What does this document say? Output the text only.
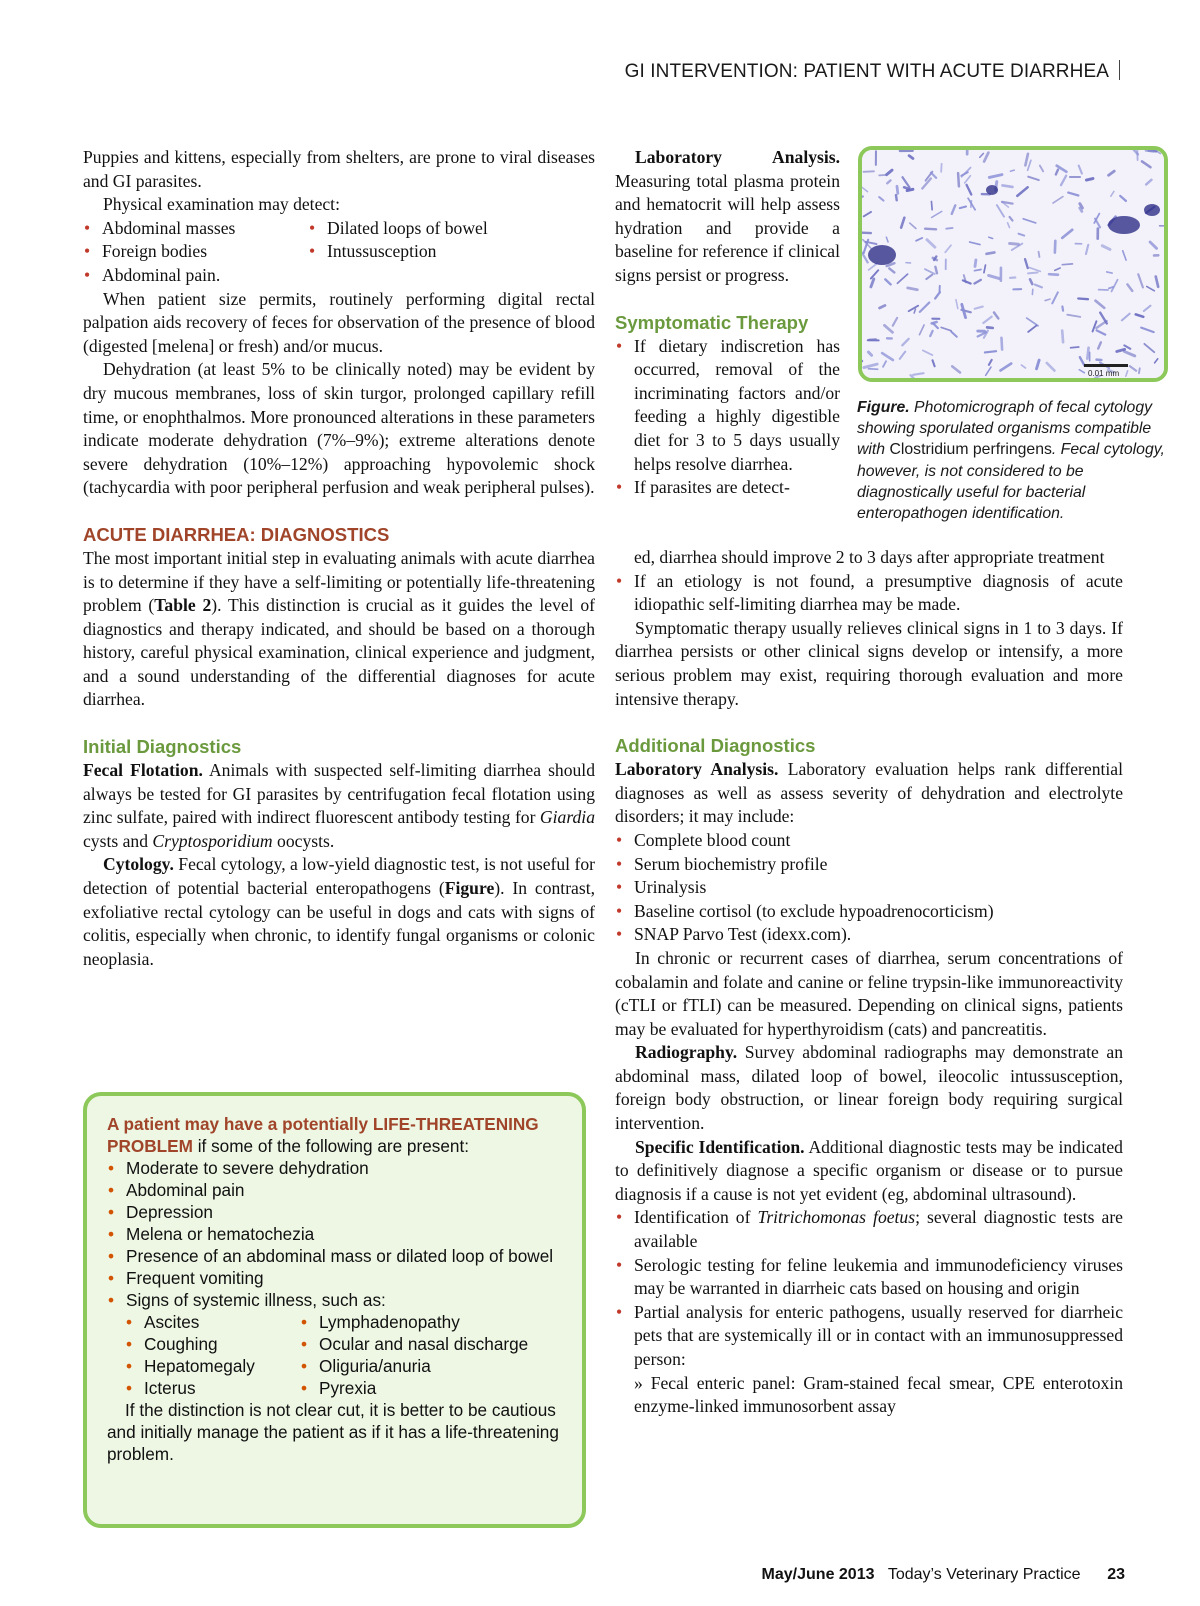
GI INTERVENTION: PATIENT WITH ACUTE DIARRHEA

Puppies and kittens, especially from shelters, are prone to viral diseases and GI parasites.

Physical examination may detect:

• Abdominal masses	• Dilated loops of bowel
• Foreign bodies	• Intussusception
• Abdominal pain.

When patient size permits, routinely performing digital rectal palpation aids recovery of feces for observation of the presence of blood (digested [melena] or fresh) and/or mucus.

Dehydration (at least 5% to be clinically noted) may be evident by dry mucous membranes, loss of skin turgor, prolonged capillary refill time, or enophthalmos. More pronounced alterations in these parameters indicate moderate dehydration (7%–9%); extreme alterations denote severe dehydration (10%–12%) approaching hypovolemic shock (tachycardia with poor peripheral perfusion and weak peripheral pulses).

ACUTE DIARRHEA: DIAGNOSTICS

The most important initial step in evaluating animals with acute diarrhea is to determine if they have a self-limiting or potentially life-threatening problem (Table 2). This distinction is crucial as it guides the level of diagnostics and therapy indicated, and should be based on a thorough history, careful physical examination, clinical experience and judgment, and a sound understanding of the differential diagnoses for acute diarrhea.

Initial Diagnostics

Fecal Flotation. Animals with suspected self-limiting diarrhea should always be tested for GI parasites by centrifugation fecal flotation using zinc sulfate, paired with indirect fluorescent antibody testing for Giardia cysts and Cryptosporidium oocysts.

Cytology. Fecal cytology, a low-yield diagnostic test, is not useful for detection of potential bacterial enteropathogens (Figure). In contrast, exfoliative rectal cytology can be useful in dogs and cats with signs of colitis, especially when chronic, to identify fungal organisms or colonic neoplasia.

A patient may have a potentially LIFE-THREATENING PROBLEM if some of the following are present:

• Moderate to severe dehydration
• Abdominal pain
• Depression
• Melena or hematochezia
• Presence of an abdominal mass or dilated loop of bowel
• Frequent vomiting
• Signs of systemic illness, such as:
• Ascites	• Lymphadenopathy
• Coughing	• Ocular and nasal discharge
• Hepatomegaly	• Oliguria/anuria
• Icterus	• Pyrexia

If the distinction is not clear cut, it is better to be cautious and initially manage the patient as if it has a life-threatening problem.

Laboratory Analysis. Measuring total plasma protein and hematocrit will help assess hydration and provide a baseline for reference if clinical signs persist or progress.

Symptomatic Therapy
• If dietary indiscretion has occurred, removal of the incriminating factors and/or feeding a highly digestible diet for 3 to 5 days usually helps resolve diarrhea.
• If parasites are detect-
0.01 mm
Figure. Photomicrograph of fecal cytology showing sporulated organisms compatible with Clostridium perfringens. Fecal cytology, however, is not considered to be diagnostically useful for bacterial enteropathogen identification.

ed, diarrhea should improve 2 to 3 days after appropriate treatment

• If an etiology is not found, a presumptive diagnosis of acute idiopathic self-limiting diarrhea may be made.

Symptomatic therapy usually relieves clinical signs in 1 to 3 days. If diarrhea persists or other clinical signs develop or intensify, a more serious problem may exist, requiring thorough evaluation and more intensive therapy.

Additional Diagnostics

Laboratory Analysis. Laboratory evaluation helps rank differential diagnoses as well as assess severity of dehydration and electrolyte disorders; it may include:

• Complete blood count
• Serum biochemistry profile
• Urinalysis
• Baseline cortisol (to exclude hypoadrenocorticism)
• SNAP Parvo Test (idexx.com).

In chronic or recurrent cases of diarrhea, serum concentrations of cobalamin and folate and canine or feline trypsin-like immunoreactivity (cTLI or fTLI) can be measured. Depending on clinical signs, patients may be evaluated for hyperthyroidism (cats) and pancreatitis.

Radiography. Survey abdominal radiographs may demonstrate an abdominal mass, dilated loop of bowel, ileocolic intussusception, foreign body obstruction, or linear foreign body requiring surgical intervention.

Specific Identification. Additional diagnostic tests may be indicated to definitively diagnose a specific organism or disease or to pursue diagnosis if a cause is not yet evident (eg, abdominal ultrasound).

• Identification of Tritrichomonas foetus; several diagnostic tests are available
• Serologic testing for feline leukemia and immunodeficiency viruses may be warranted in diarrheic cats based on housing and origin
• Partial analysis for enteric pathogens, usually reserved for diarrheic pets that are systemically ill or in contact with an immunosuppressed person:

» Fecal enteric panel: Gram-stained fecal smear, CPE enterotoxin enzyme-linked immunosorbent assay

May/June 2013 Today’s Veterinary Practice 23
